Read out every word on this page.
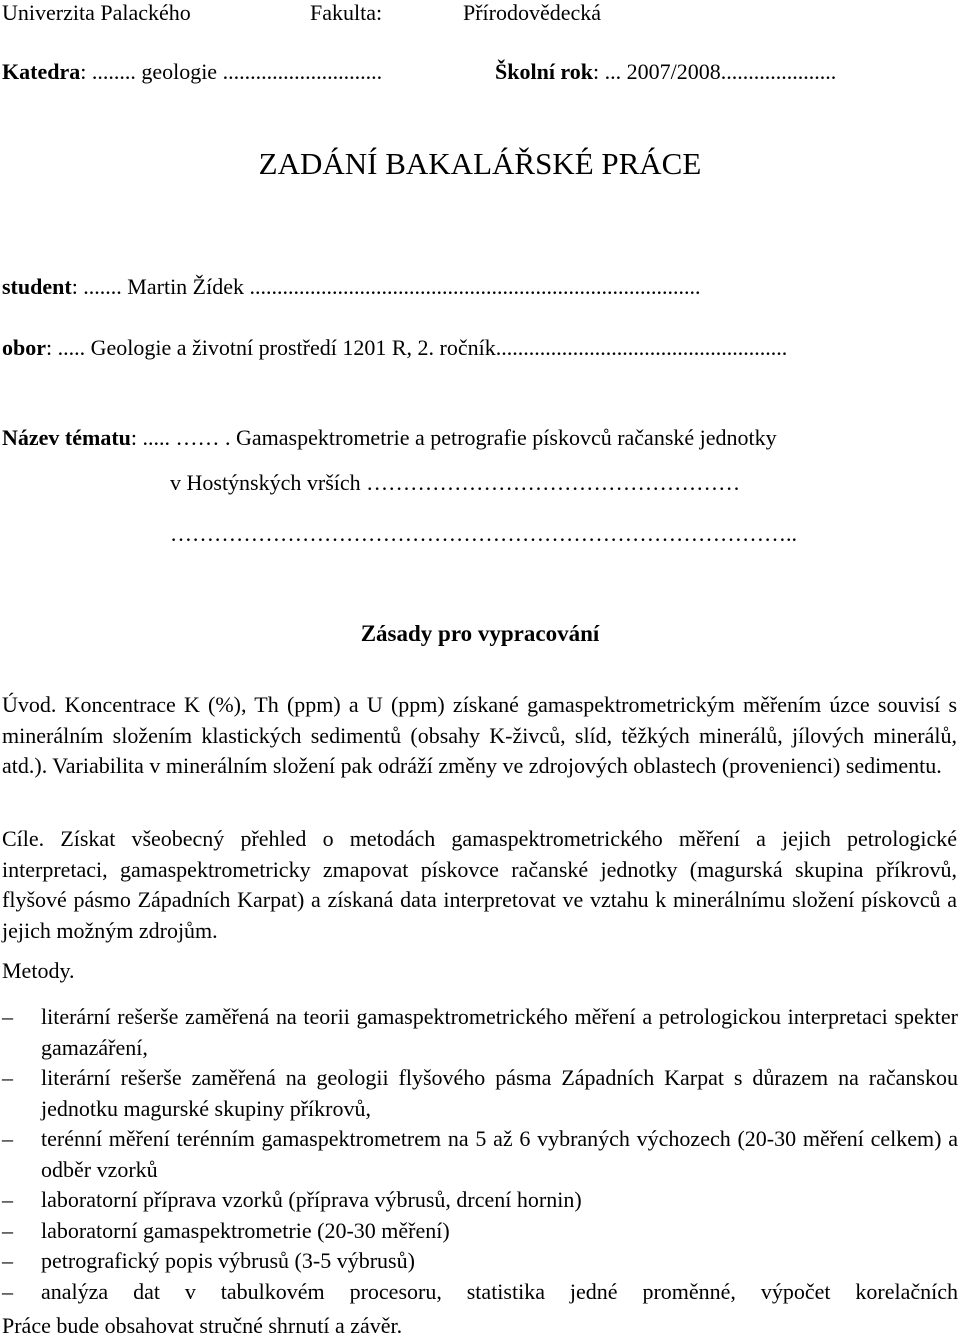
Univerzita Palackého	Fakulta:	Přírodovědecká
Katedra: ........ geologie .............................	Školní rok: ... 2007/2008.....................
ZADÁNÍ BAKALÁŘSKÉ PRÁCE
student: ....... Martin Žídek ..................................................................................
obor: ..... Geologie a životní prostředí 1201 R, 2. ročník.....................................................
Název tématu: ..... …… . Gamaspektrometrie a petrografie pískovců račanské jednotky
v Hostýnských vrších ……………………………………………
…………………………………………………………………………..
Zásady pro vypracování
Úvod. Koncentrace K (%), Th (ppm) a U (ppm) získané gamaspektrometrickým měřením úzce souvisí s minerálním složením klastických sedimentů (obsahy K-živců, slíd, těžkých minerálů, jílových minerálů, atd.). Variabilita v minerálním složení pak odráží změny ve zdrojových oblastech (provenienci) sedimentu.
Cíle. Získat všeobecný přehled o metodách gamaspektrometrického měření a jejich petrologické interpretaci, gamaspektrometricky zmapovat pískovce račanské jednotky (magurská skupina příkrovů, flyšové pásmo Západních Karpat) a získaná data interpretovat ve vztahu k minerálnímu složení pískovců a jejich možným zdrojům.
Metody.
– literární rešerše zaměřená na teorii gamaspektrometrického měření a petrologickou interpretaci spekter gamazáření,
– literární rešerše zaměřená na geologii flyšového pásma Západních Karpat s důrazem na račanskou jednotku magurské skupiny příkrovů,
– terénní měření terénním gamaspektrometrem na 5 až 6 vybraných výchozech (20-30 měření celkem) a odběr vzorků
– laboratorní příprava vzorků (příprava výbrusů, drcení hornin)
– laboratorní gamaspektrometrie (20-30 měření)
– petrografický popis výbrusů (3-5 výbrusů)
– analýza dat v tabulkovém procesoru, statistika jedné proměnné, výpočet korelačních
Práce bude obsahovat stručné shrnutí a závěr.
